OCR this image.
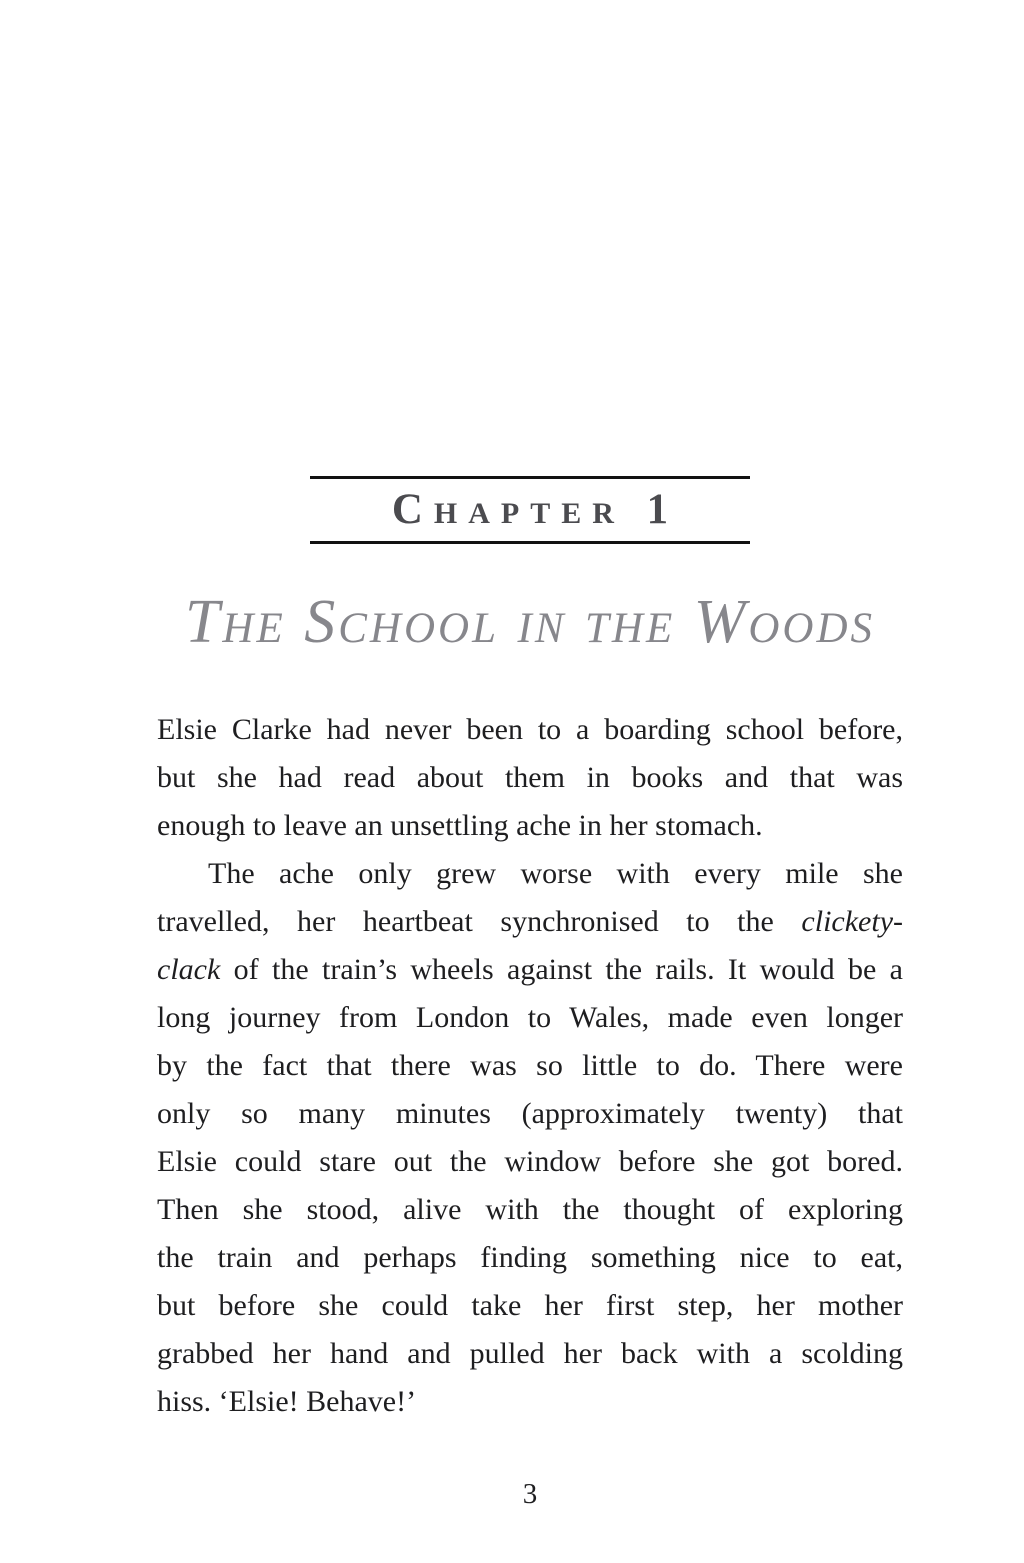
Chapter 1
The School in the Woods

Elsie Clarke had never been to a boarding school before,
but she had read about them in books and that was
enough to leave an unsettling ache in her stomach.

The ache only grew worse with every mile she
travelled, her heartbeat synchronised to the clickety-
clack of the train’s wheels against the rails. It would be a
long journey from London to Wales, made even longer
by the fact that there was so little to do. There were
only so many minutes (approximately twenty) that
Elsie could stare out the window before she got bored.
Then she stood, alive with the thought of exploring
the train and perhaps finding something nice to eat,
but before she could take her first step, her mother
grabbed her hand and pulled her back with a scolding
hiss. ‘Elsie! Behave!’

3
